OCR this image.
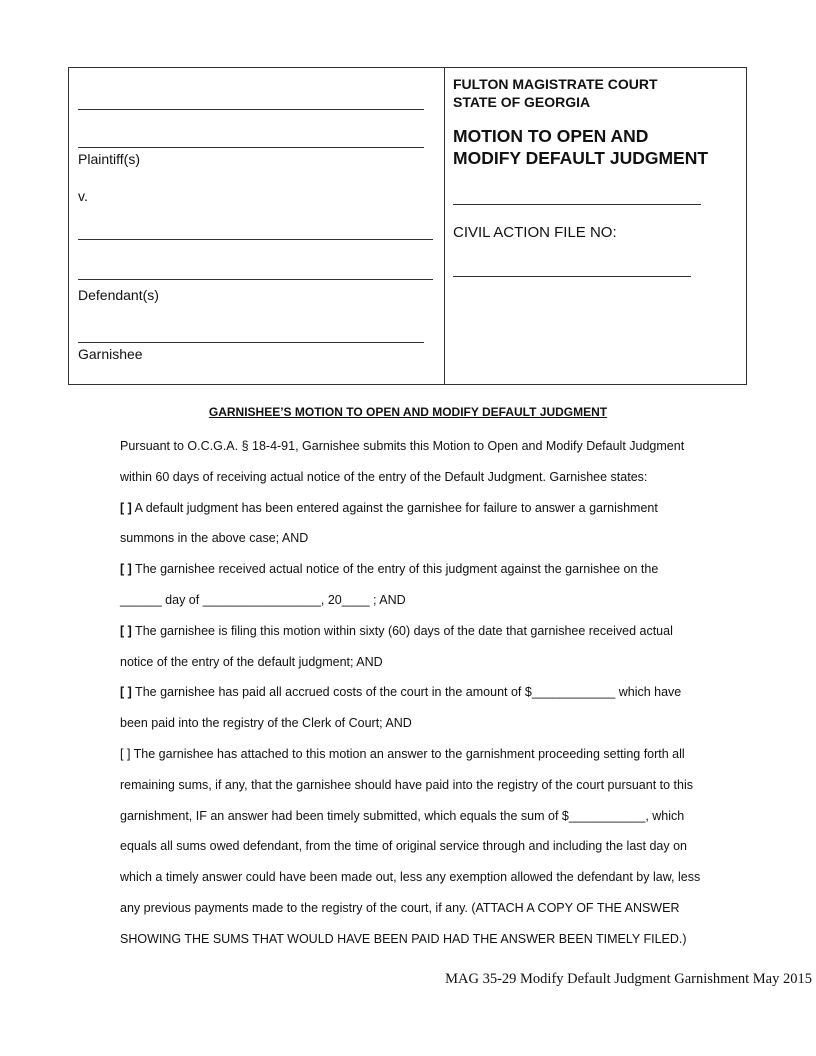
Plaintiff(s)
v.
Defendant(s)
Garnishee
FULTON MAGISTRATE COURT
STATE OF GEORGIA
MOTION TO OPEN AND
MODIFY DEFAULT JUDGMENT
CIVIL ACTION FILE NO:
GARNISHEE’S MOTION TO OPEN AND MODIFY DEFAULT JUDGMENT
Pursuant to O.C.G.A. § 18-4-91, Garnishee submits this Motion to Open and Modify Default Judgment
within 60 days of receiving actual notice of the entry of the Default Judgment. Garnishee states:
[ ] A default judgment has been entered against the garnishee for failure to answer a garnishment
summons in the above case; AND
[ ] The garnishee received actual notice of the entry of this judgment against the garnishee on the
______ day of _________________, 20____ ; AND
[ ] The garnishee is filing this motion within sixty (60) days of the date that garnishee received actual
notice of the entry of the default judgment; AND
[ ] The garnishee has paid all accrued costs of the court in the amount of $____________ which have
been paid into the registry of the Clerk of Court; AND
[ ] The garnishee has attached to this motion an answer to the garnishment proceeding setting forth all
remaining sums, if any, that the garnishee should have paid into the registry of the court pursuant to this
garnishment, IF an answer had been timely submitted, which equals the sum of $___________, which
equals all sums owed defendant, from the time of original service through and including the last day on
which a timely answer could have been made out, less any exemption allowed the defendant by law, less
any previous payments made to the registry of the court, if any. (ATTACH A COPY OF THE ANSWER
SHOWING THE SUMS THAT WOULD HAVE BEEN PAID HAD THE ANSWER BEEN TIMELY FILED.)
MAG 35-29 Modify Default Judgment Garnishment May 2015
